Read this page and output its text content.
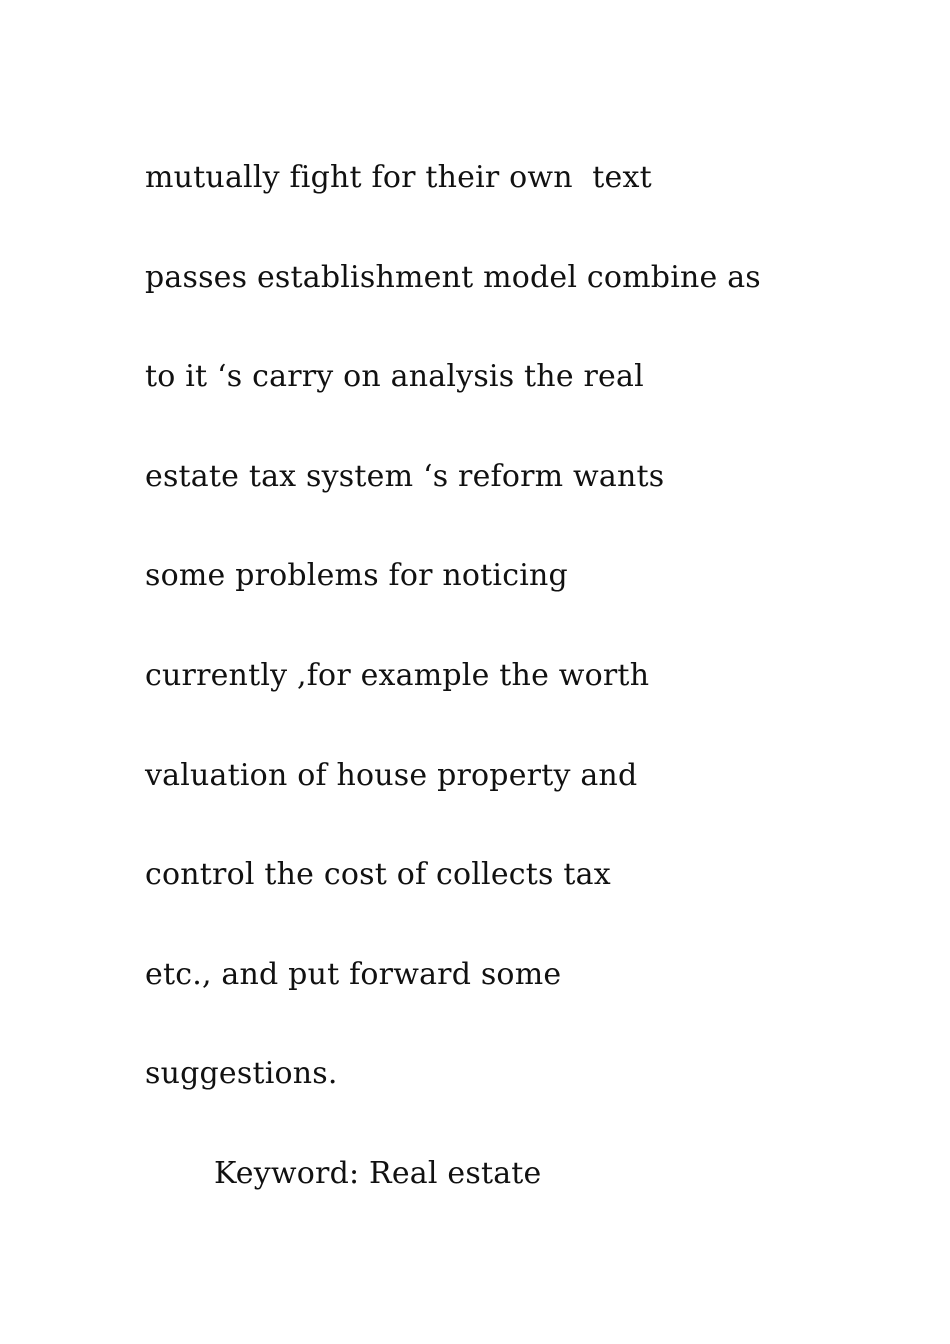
mutually fight for their own  text
passes establishment model combine as
to it ‘s carry on analysis the real
estate tax system ‘s reform wants
some problems for noticing
currently ,for example the worth
valuation of house property and
control the cost of collects tax
etc., and put forward some
suggestions.
Keyword: Real estate
